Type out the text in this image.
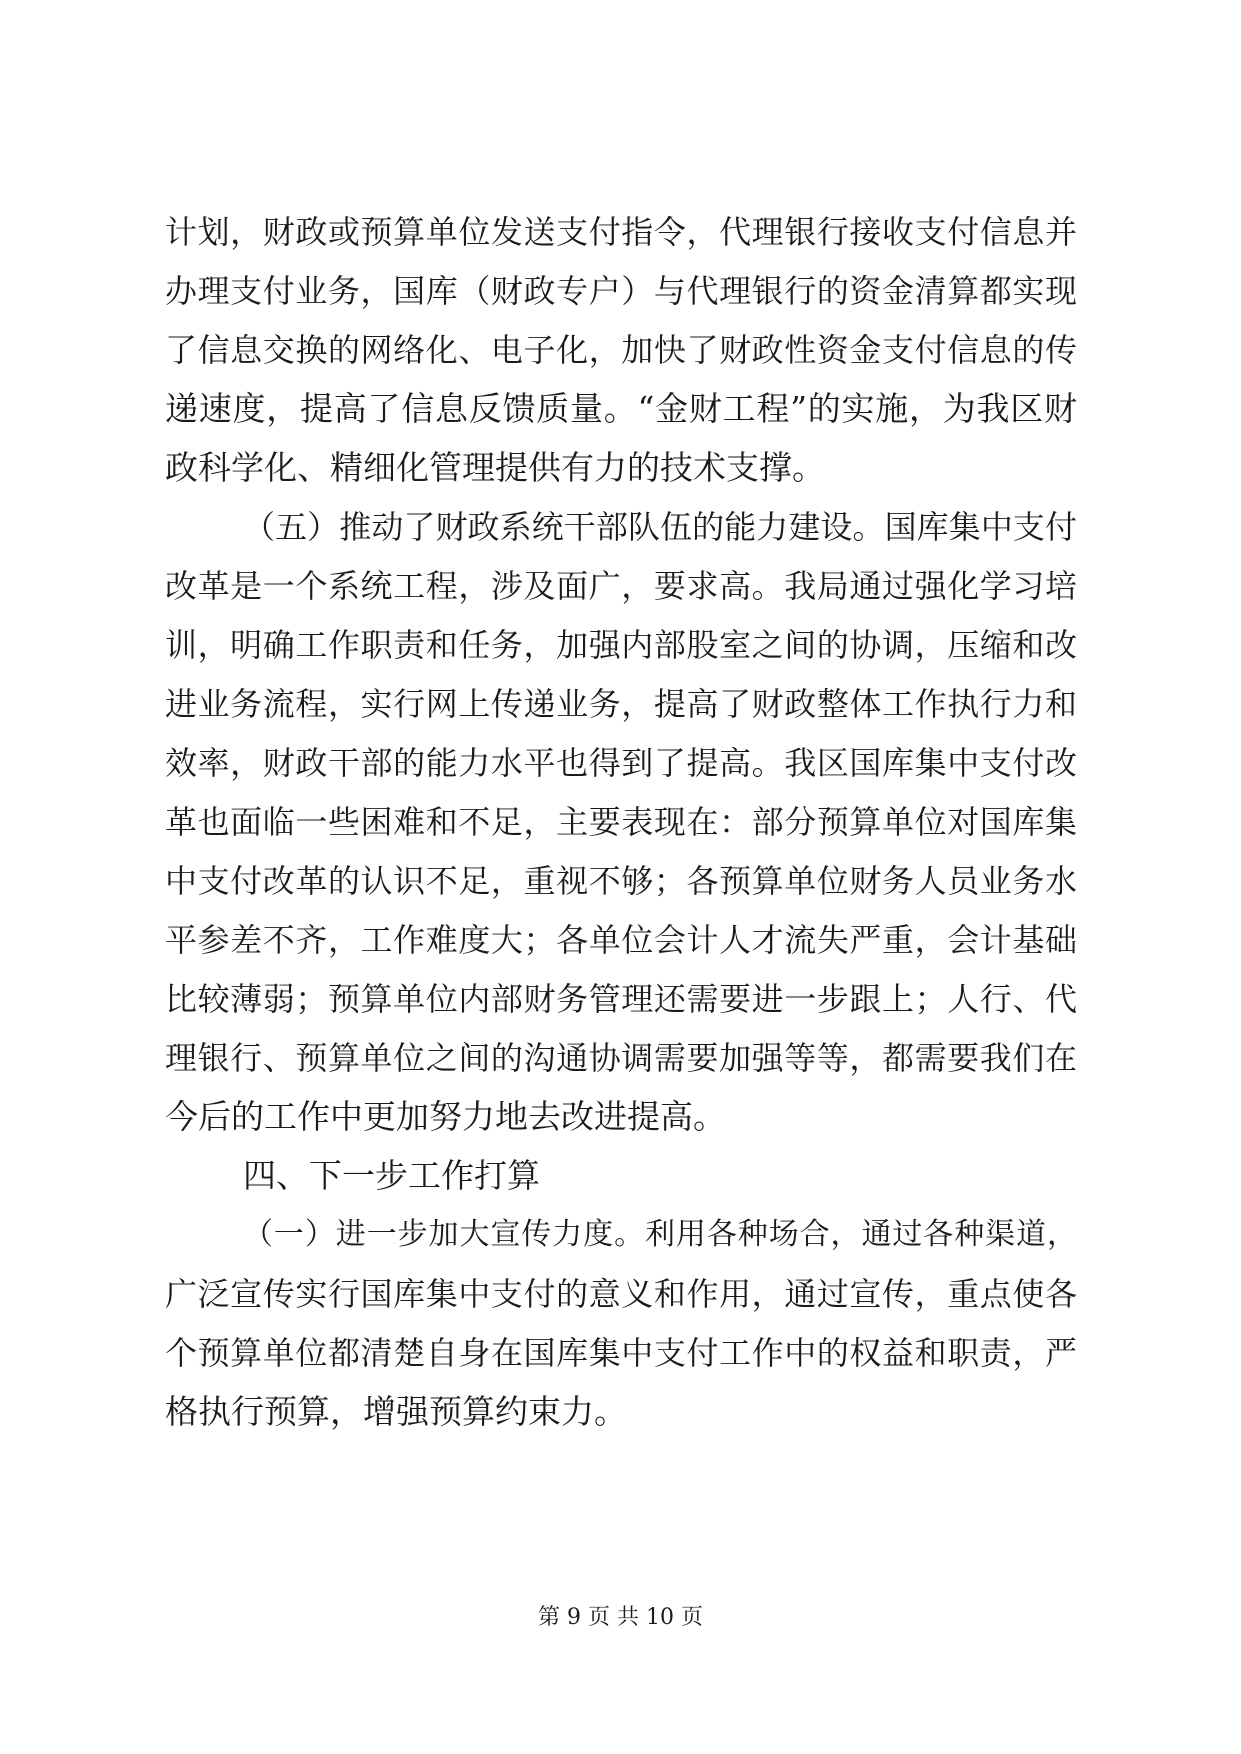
计划，财政或预算单位发送支付指令，代理银行接收支付信息并
办理支付业务，国库（财政专户）与代理银行的资金清算都实现
了信息交换的网络化、电子化，加快了财政性资金支付信息的传
递速度，提高了信息反馈质量。“金财工程”的实施，为我区财
政科学化、精细化管理提供有力的技术支撑。
（五）推动了财政系统干部队伍的能力建设。国库集中支付
改革是一个系统工程，涉及面广，要求高。我局通过强化学习培
训，明确工作职责和任务，加强内部股室之间的协调，压缩和改
进业务流程，实行网上传递业务，提高了财政整体工作执行力和
效率，财政干部的能力水平也得到了提高。我区国库集中支付改
革也面临一些困难和不足，主要表现在：部分预算单位对国库集
中支付改革的认识不足，重视不够；各预算单位财务人员业务水
平参差不齐，工作难度大；各单位会计人才流失严重，会计基础
比较薄弱；预算单位内部财务管理还需要进一步跟上；人行、代
理银行、预算单位之间的沟通协调需要加强等等，都需要我们在
今后的工作中更加努力地去改进提高。
四、下一步工作打算
（一）进一步加大宣传力度。利用各种场合，通过各种渠道，
广泛宣传实行国库集中支付的意义和作用，通过宣传，重点使各
个预算单位都清楚自身在国库集中支付工作中的权益和职责，严
格执行预算，增强预算约束力。
第 9 页 共 10 页
